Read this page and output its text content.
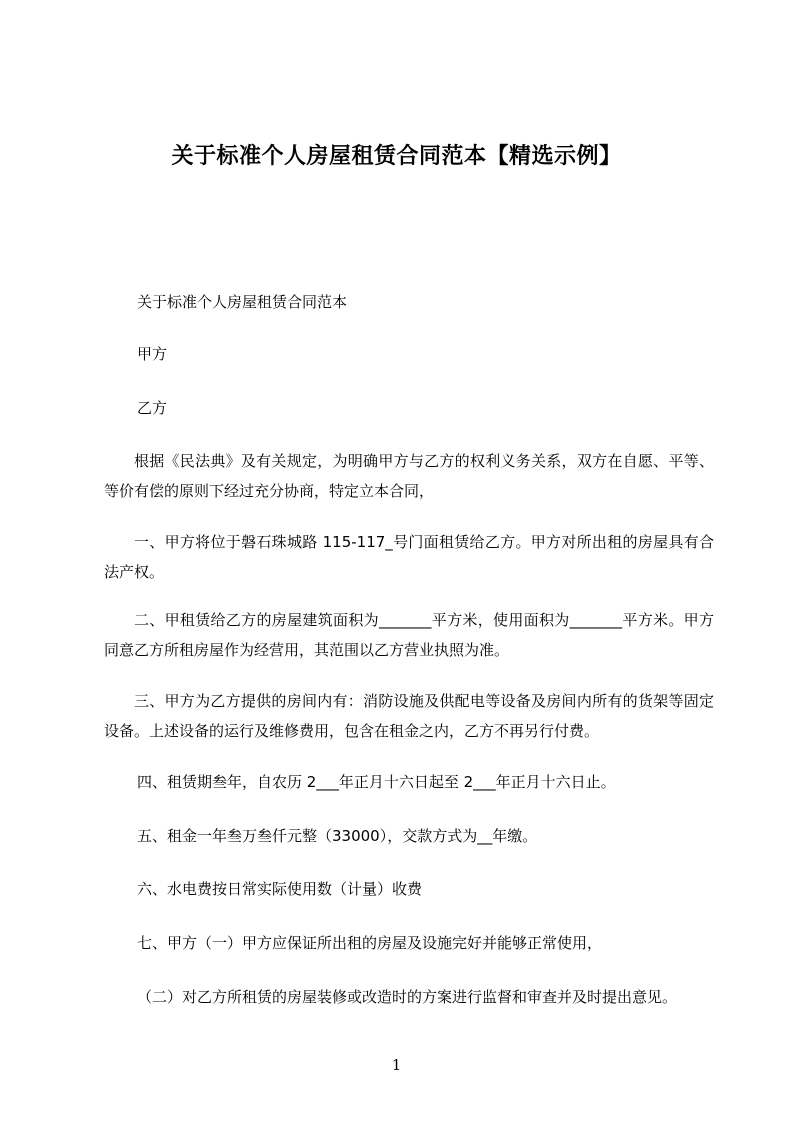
关于标准个人房屋租赁合同范本【精选示例】
关于标准个人房屋租赁合同范本
甲方
乙方
根据《民法典》及有关规定，为明确甲方与乙方的权利义务关系，双方在自愿、平等、等价有偿的原则下经过充分协商，特定立本合同，
一、甲方将位于磐石珠城路 115-117_号门面租赁给乙方。甲方对所出租的房屋具有合法产权。
二、甲租赁给乙方的房屋建筑面积为_______平方米，使用面积为_______平方米。甲方同意乙方所租房屋作为经营用，其范围以乙方营业执照为准。
三、甲方为乙方提供的房间内有：消防设施及供配电等设备及房间内所有的货架等固定设备。上述设备的运行及维修费用，包含在租金之内，乙方不再另行付费。
四、租赁期叁年，自农历 2___年正月十六日起至 2___年正月十六日止。
五、租金一年叁万叁仟元整（33000），交款方式为__年缴。
六、水电费按日常实际使用数（计量）收费
七、甲方（一）甲方应保证所出租的房屋及设施完好并能够正常使用，
（二）对乙方所租赁的房屋装修或改造时的方案进行监督和审查并及时提出意见。
1
